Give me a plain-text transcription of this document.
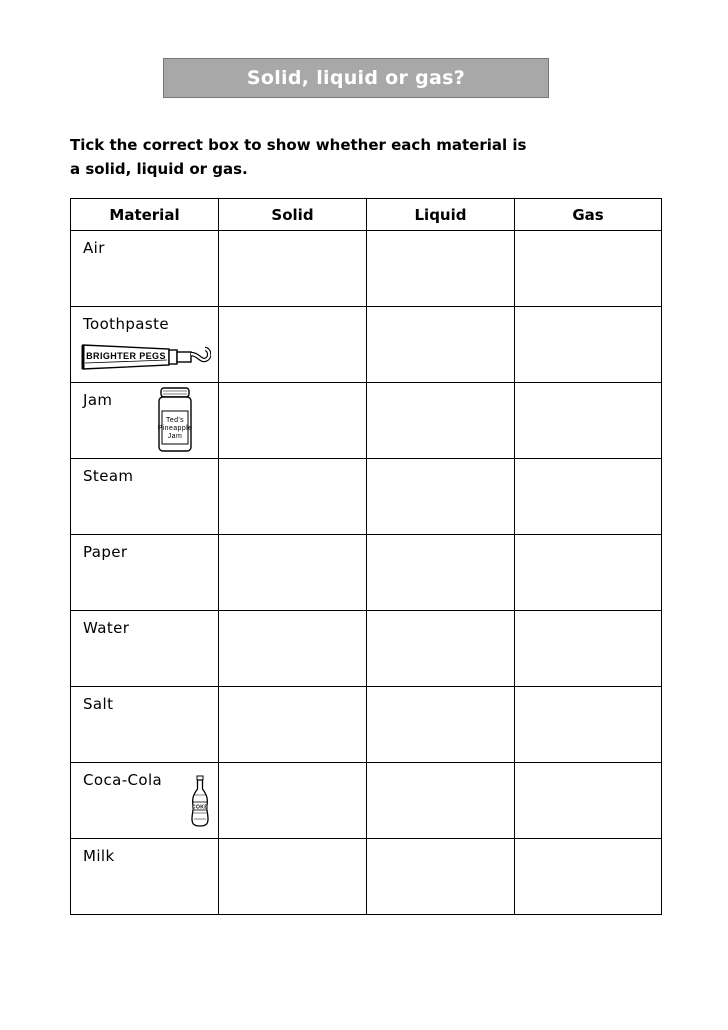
Solid, liquid or gas?
Tick the correct box to show whether each material is
a solid, liquid or gas.
Material	Solid	Liquid	Gas

Air			

Toothpaste
BRIGHTER PEGS			

Jam
Ted's
Pineapple
Jam			

Steam			

Paper			

Water			

Salt			

Coca-Cola
COKE			

Milk			
